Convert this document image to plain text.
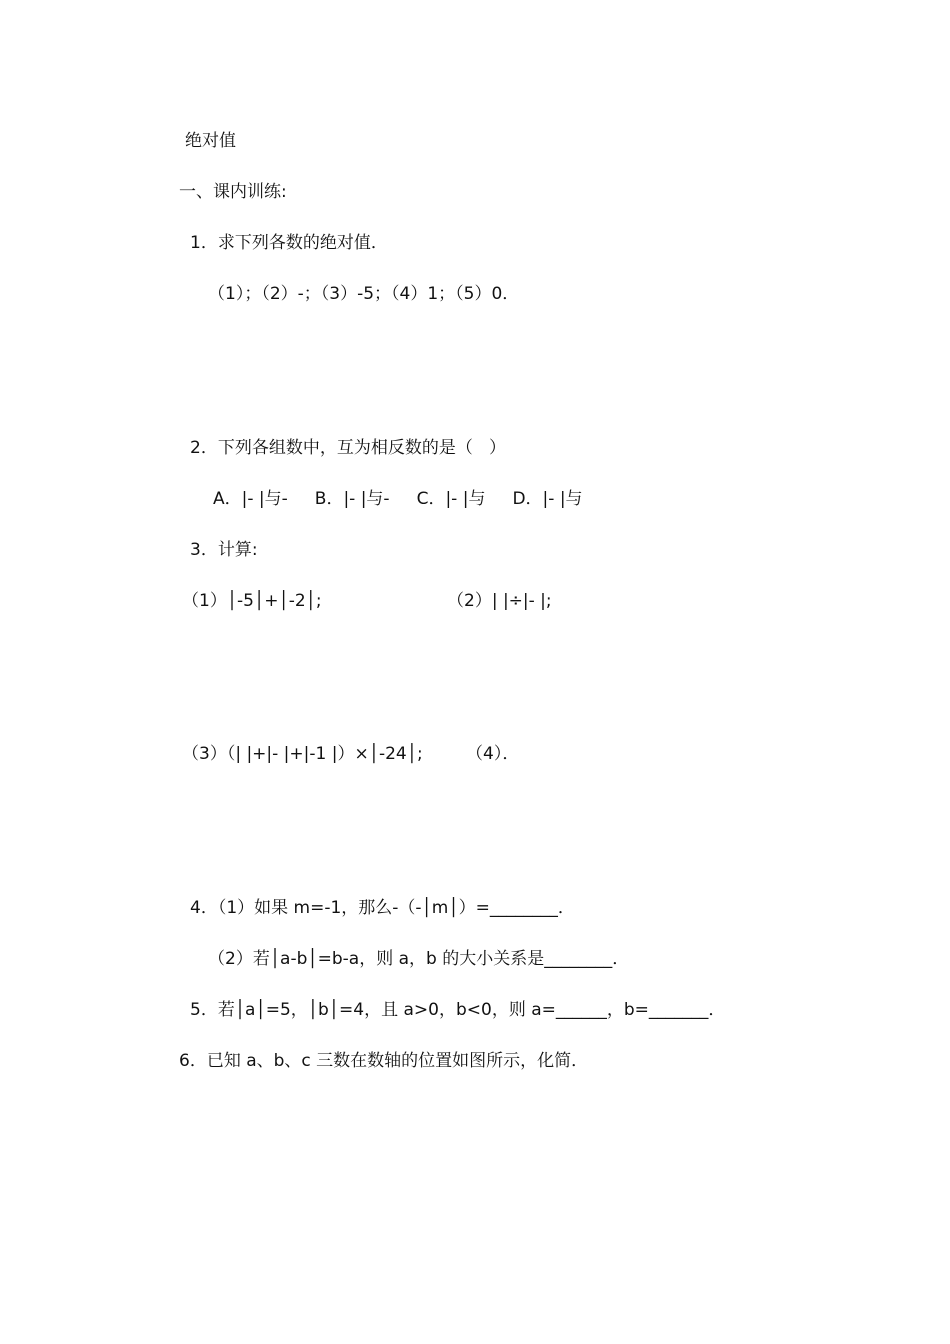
绝对值
一、课内训练:
1．求下列各数的绝对值．
（1）；（2）-；（3）-5；（4）1；（5）0．
2．下列各组数中，互为相反数的是（   ）
A．|- |与-     B．|- |与-     C．|- |与     D．|- |与
3．计算:
（1）│-5│+│-2│;	（2）| |÷|- |;
（3）（| |+|- |+|-1 |）×│-24│;	（4）．
4．（1）如果 m=-1，那么-（-│m│）=________．
（2）若│a-b│=b-a，则 a，b 的大小关系是________．
5．若│a│=5，│b│=4，且 a>0，b<0，则 a=______，b=_______．
6．已知 a、b、c 三数在数轴的位置如图所示，化简．
